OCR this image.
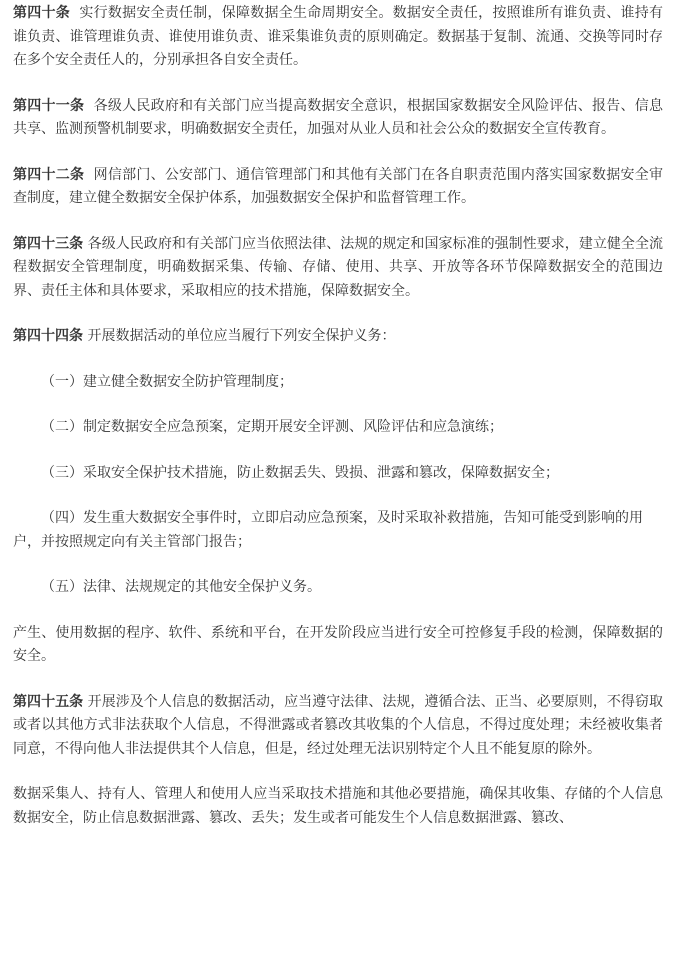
第四十条 实行数据安全责任制，保障数据全生命周期安全。数据安全责任，按照谁所有谁负责、谁持有谁负责、谁管理谁负责、谁使用谁负责、谁采集谁负责的原则确定。数据基于复制、流通、交换等同时存在多个安全责任人的，分别承担各自安全责任。

第四十一条 各级人民政府和有关部门应当提高数据安全意识，根据国家数据安全风险评估、报告、信息共享、监测预警机制要求，明确数据安全责任，加强对从业人员和社会公众的数据安全宣传教育。

第四十二条 网信部门、公安部门、通信管理部门和其他有关部门在各自职责范围内落实国家数据安全审查制度，建立健全数据安全保护体系，加强数据安全保护和监督管理工作。

第四十三条 各级人民政府和有关部门应当依照法律、法规的规定和国家标准的强制性要求，建立健全全流程数据安全管理制度，明确数据采集、传输、存储、使用、共享、开放等各环节保障数据安全的范围边界、责任主体和具体要求，采取相应的技术措施，保障数据安全。

第四十四条 开展数据活动的单位应当履行下列安全保护义务：

（一）建立健全数据安全防护管理制度；

（二）制定数据安全应急预案，定期开展安全评测、风险评估和应急演练；

（三）采取安全保护技术措施，防止数据丢失、毁损、泄露和篡改，保障数据安全；

（四）发生重大数据安全事件时，立即启动应急预案，及时采取补救措施，告知可能受到影响的用户，并按照规定向有关主管部门报告；

（五）法律、法规规定的其他安全保护义务。

产生、使用数据的程序、软件、系统和平台，在开发阶段应当进行安全可控修复手段的检测，保障数据的安全。

第四十五条 开展涉及个人信息的数据活动，应当遵守法律、法规，遵循合法、正当、必要原则，不得窃取或者以其他方式非法获取个人信息，不得泄露或者篡改其收集的个人信息，不得过度处理；未经被收集者同意，不得向他人非法提供其个人信息，但是，经过处理无法识别特定个人且不能复原的除外。

数据采集人、持有人、管理人和使用人应当采取技术措施和其他必要措施，确保其收集、存储的个人信息数据安全，防止信息数据泄露、篡改、丢失；发生或者可能发生个人信息数据泄露、篡改、
